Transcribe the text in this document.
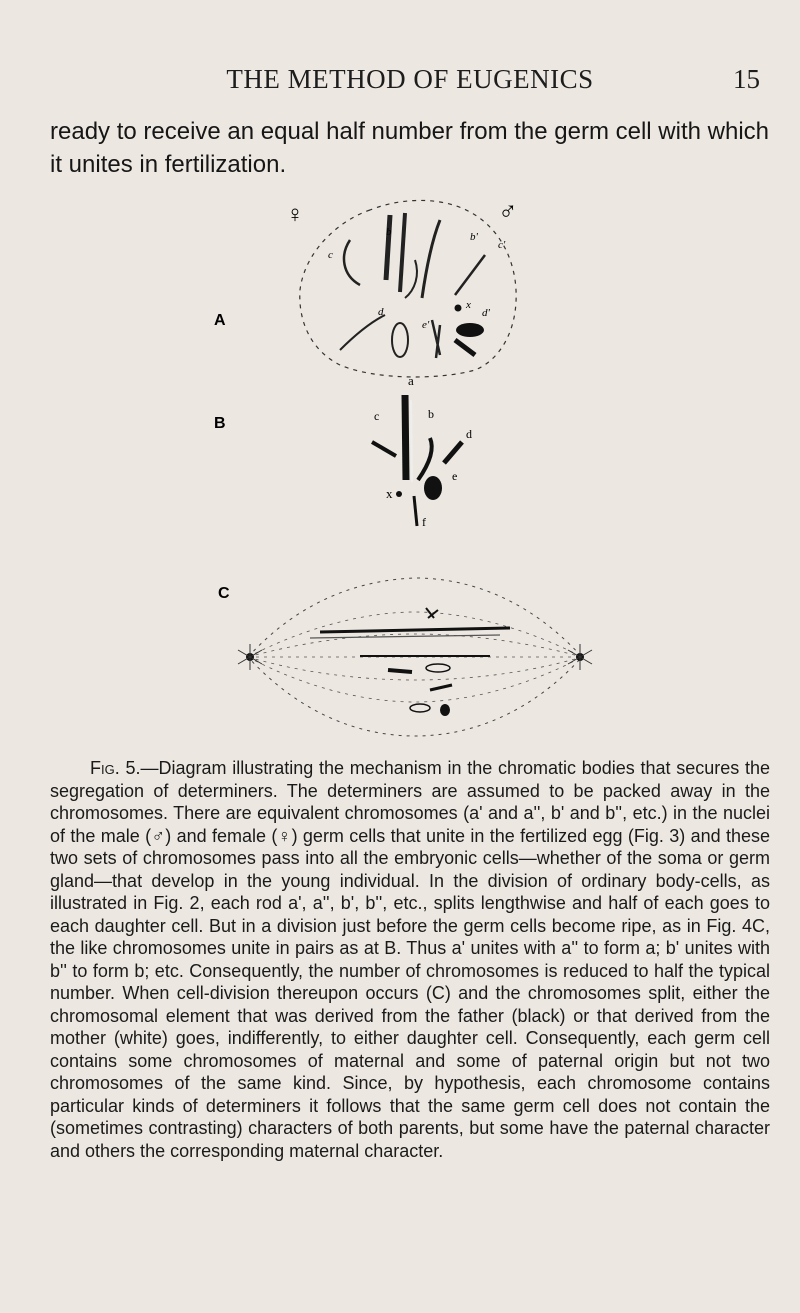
THE METHOD OF EUGENICS	15
ready to receive an equal half number from the germ cell with which it unites in fertilization.
A
♀	♂
b
c
b'
c'
d
x
d'
e'
B
a
b
c
d
x
e
f
C
Fig. 5.—Diagram illustrating the mechanism in the chromatic bodies that secures the segregation of determiners. The determiners are assumed to be packed away in the chromosomes. There are equivalent chromosomes (a' and a'', b' and b'', etc.) in the nuclei of the male (♂) and female (♀) germ cells that unite in the fertilized egg (Fig. 3) and these two sets of chromosomes pass into all the embryonic cells—whether of the soma or germ gland—that develop in the young individual. In the division of ordinary body-cells, as illustrated in Fig. 2, each rod a', a'', b', b'', etc., splits lengthwise and half of each goes to each daughter cell. But in a division just before the germ cells become ripe, as in Fig. 4C, the like chromosomes unite in pairs as at B. Thus a' unites with a'' to form a; b' unites with b'' to form b; etc. Consequently, the number of chromosomes is reduced to half the typical number. When cell-division thereupon occurs (C) and the chromosomes split, either the chromosomal element that was derived from the father (black) or that derived from the mother (white) goes, indifferently, to either daughter cell. Consequently, each germ cell contains some chromosomes of maternal and some of paternal origin but not two chromosomes of the same kind. Since, by hypothesis, each chromosome contains particular kinds of determiners it follows that the same germ cell does not contain the (sometimes contrasting) characters of both parents, but some have the paternal character and others the corresponding maternal character.
